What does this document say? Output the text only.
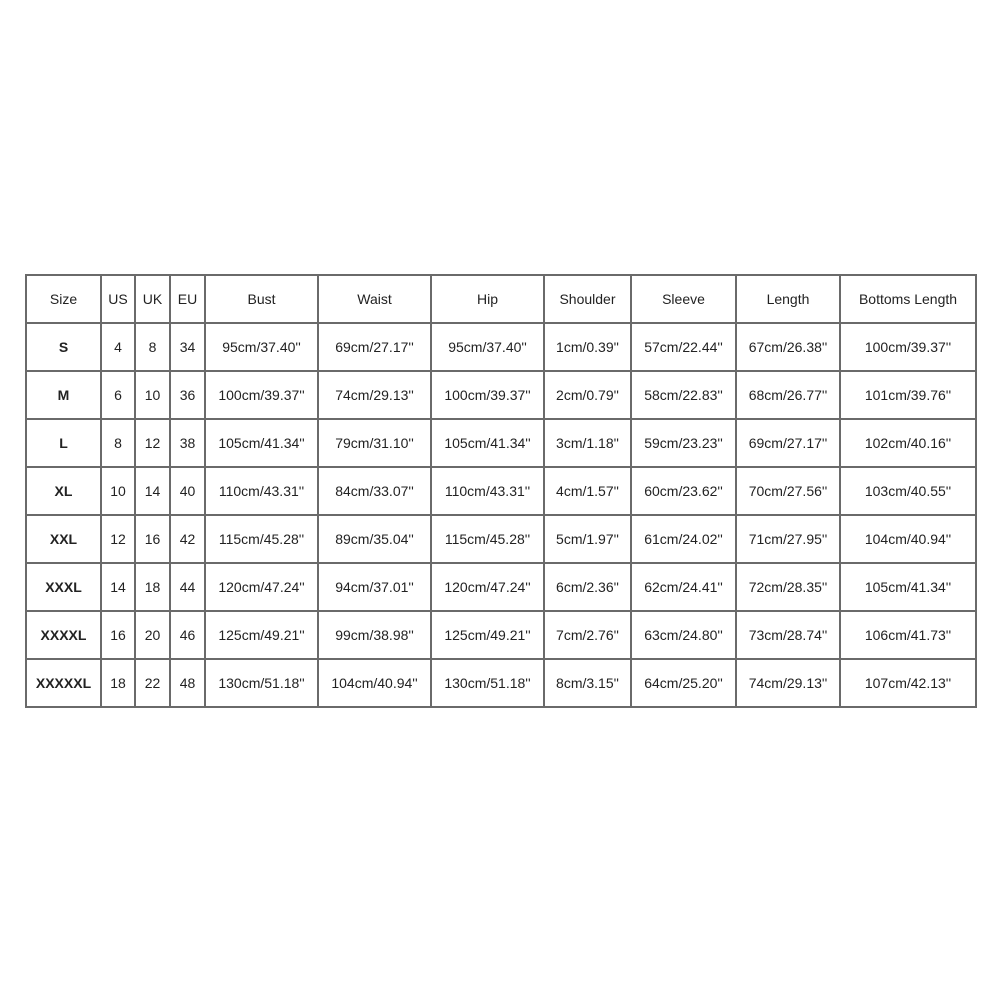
Size	US	UK	EU	Bust	Waist	Hip	Shoulder	Sleeve	Length	Bottoms Length
S	4	8	34	95cm/37.40''	69cm/27.17''	95cm/37.40''	1cm/0.39''	57cm/22.44''	67cm/26.38''	100cm/39.37''
M	6	10	36	100cm/39.37''	74cm/29.13''	100cm/39.37''	2cm/0.79''	58cm/22.83''	68cm/26.77''	101cm/39.76''
L	8	12	38	105cm/41.34''	79cm/31.10''	105cm/41.34''	3cm/1.18''	59cm/23.23''	69cm/27.17''	102cm/40.16''
XL	10	14	40	110cm/43.31''	84cm/33.07''	110cm/43.31''	4cm/1.57''	60cm/23.62''	70cm/27.56''	103cm/40.55''
XXL	12	16	42	115cm/45.28''	89cm/35.04''	115cm/45.28''	5cm/1.97''	61cm/24.02''	71cm/27.95''	104cm/40.94''
XXXL	14	18	44	120cm/47.24''	94cm/37.01''	120cm/47.24''	6cm/2.36''	62cm/24.41''	72cm/28.35''	105cm/41.34''
XXXXL	16	20	46	125cm/49.21''	99cm/38.98''	125cm/49.21''	7cm/2.76''	63cm/24.80''	73cm/28.74''	106cm/41.73''
XXXXXL	18	22	48	130cm/51.18''	104cm/40.94''	130cm/51.18''	8cm/3.15''	64cm/25.20''	74cm/29.13''	107cm/42.13''
